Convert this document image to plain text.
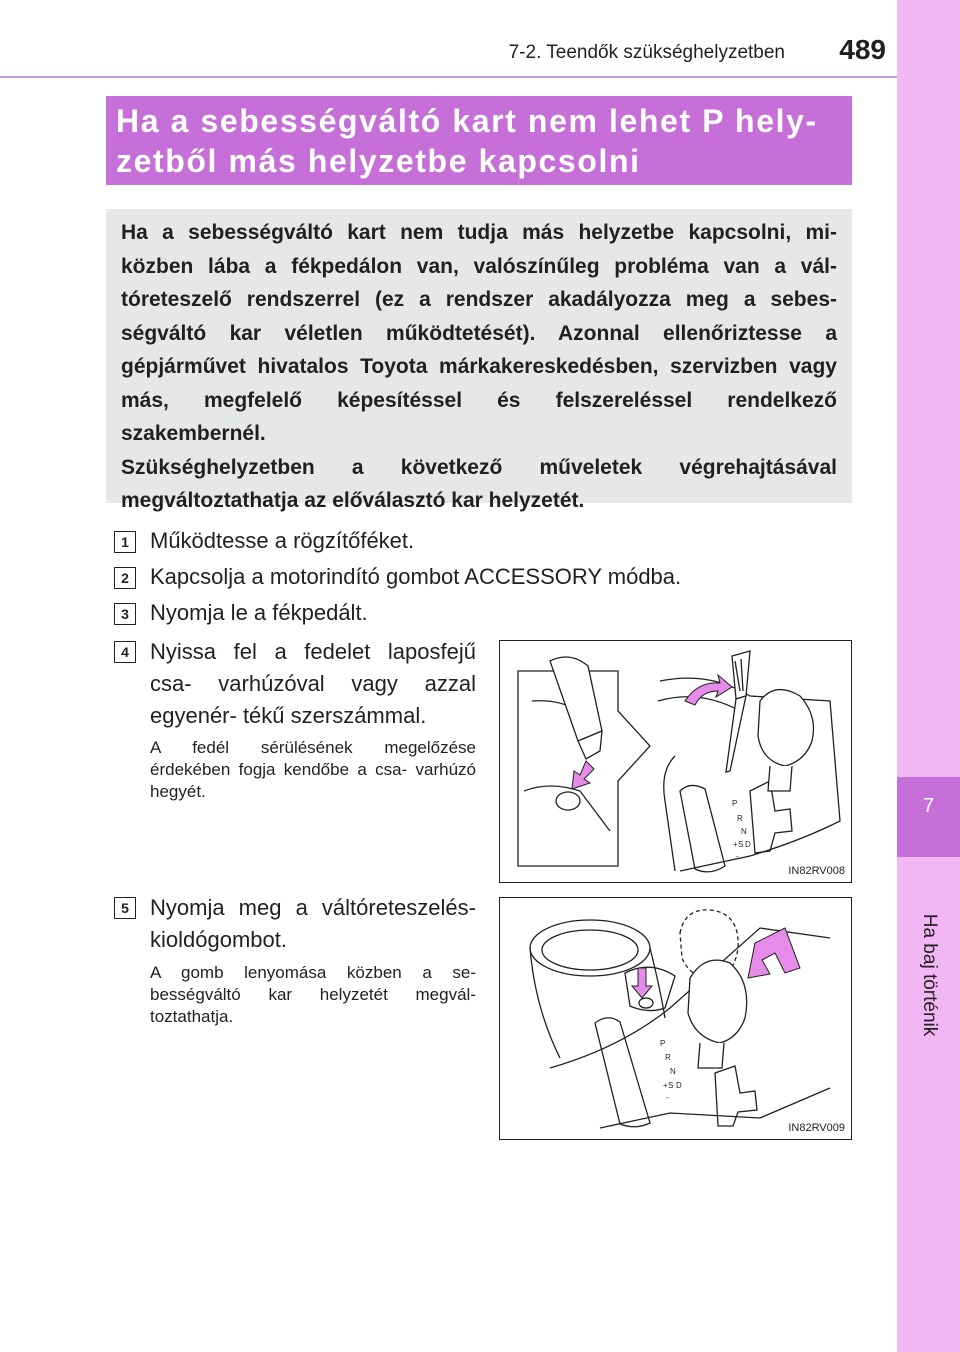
7-2. Teendők szükséghelyzetben	489
7
Ha baj történik
Ha a sebességváltó kart nem lehet P hely-
zetből más helyzetbe kapcsolni

Ha a sebességváltó kart nem tudja más helyzetbe kapcsolni, mi- közben lába a fékpedálon van, valószínűleg probléma van a vál- tóreteszelő rendszerrel (ez a rendszer akadályozza meg a sebes- ségváltó kar véletlen működtetését). Azonnal ellenőriztesse a gépjárművet hivatalos Toyota márkakereskedésben, szervizben vagy más, megfelelő képesítéssel és felszereléssel rendelkező szakembernél.

Szükséghelyzetben a következő műveletek végrehajtásával megváltoztathatja az előválasztó kar helyzetét.

1 Működtesse a rögzítőféket.
2 Kapcsolja a motorindító gombot ACCESSORY módba.
3 Nyomja le a fékpedált.
4 Nyissa fel a fedelet laposfejű csa- varhúzóval vagy azzal egyenér- tékű szerszámmal.
A fedél sérülésének megelőzése érdekében fogja kendőbe a csa- varhúzó hegyét.
P
R
N
D
S
+
-
IN82RV008
5 Nyomja meg a váltóreteszelés- kioldógombot.
A gomb lenyomása közben a se- bességváltó kar helyzetét megvál- toztathatja.
P
R
N
D
S
+
-
IN82RV009
